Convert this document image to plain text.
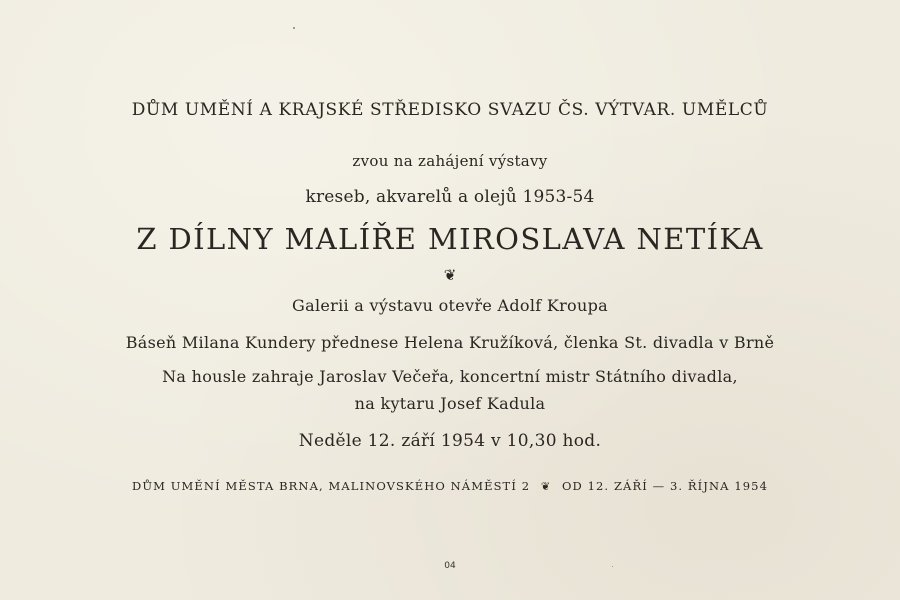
DŮM UMĚNÍ A KRAJSKÉ STŘEDISKO SVAZU ČS. VÝTVAR. UMĚLCŮ
zvou na zahájení výstavy
kreseb, akvarelů a olejů 1953-54
Z DÍLNY MALÍŘE MIROSLAVA NETÍKA
❦
Galerii a výstavu otevře Adolf Kroupa
Báseň Milana Kundery přednese Helena Kružíková, členka St. divadla v Brně
Na housle zahraje Jaroslav Večeřa, koncertní mistr Státního divadla,
na kytaru Josef Kadula
Neděle 12. září 1954 v 10,30 hod.
DŮM UMĚNÍ MĚSTA BRNA, MALINOVSKÉHO NÁMĚSTÍ 2 ❦ OD 12. ZÁŘÍ — 3. ŘÍJNA 1954
04
